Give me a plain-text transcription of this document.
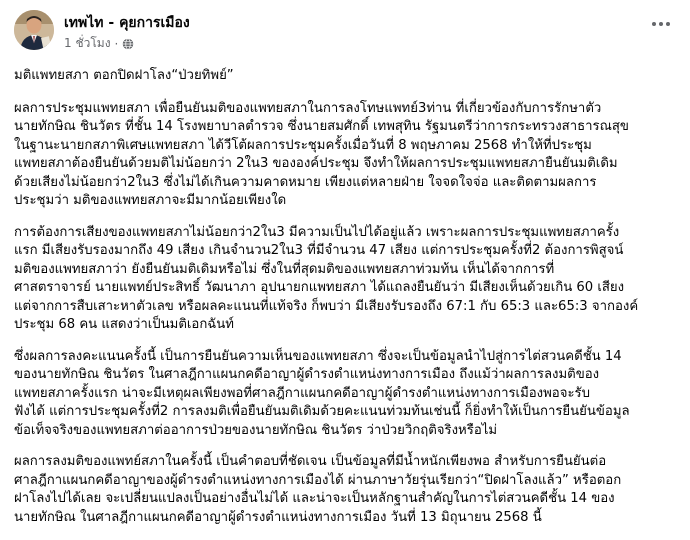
เทพไท - คุยการเมือง
1 ชั่วโมง ·

มติแพทยสภา ตอกปิดฝาโลง“ป่วยทิพย์”

ผลการประชุมแพทยสภา เพื่อยืนยันมติของแพทยสภาในการลงโทษแพทย์3ท่าน ที่เกี่ยวข้องกับการรักษาตัว
นายทักษิณ ชินวัตร ที่ชั้น 14 โรงพยาบาลตำรวจ ซึ่งนายสมศักดิ์ เทพสุทิน รัฐมนตรีว่าการกระทรวงสาธารณสุข
ในฐานะนายกสภาพิเศษแพทยสภา ได้วีโต้ผลการประชุมครั้งเมื่อวันที่ 8 พฤษภาคม 2568 ทำให้ที่ประชุม
แพทยสภาต้องยืนยันด้วยมติไม่น้อยกว่า 2ใน3 ขององค์ประชุม จึงทำให้ผลการประชุมแพทยสภายืนยันมติเดิม
ด้วยเสียงไม่น้อยกว่า2ใน3 ซึ่งไม่ได้เกินความคาดหมาย เพียงแต่หลายฝ่าย ใจจดใจจ่อ และติดตามผลการ
ประชุมว่า มติของแพทยสภาจะมีมากน้อยเพียงใด

การต้องการเสียงของแพทยสภาไม่น้อยกว่า2ใน3 มีความเป็นไปได้อยู่แล้ว เพราะผลการประชุมแพทยสภาครั้ง
แรก มีเสียงรับรองมากถึง 49 เสียง เกินจำนวน2ใน3 ที่มีจำนวน 47 เสียง แต่การประชุมครั้งที่2 ต้องการพิสูจน์
มติของแพทยสภาว่า ยังยืนยันมติเดิมหรือไม่ ซึ่งในที่สุดมติของแพทยสภาท่วมท้น เห็นได้จากการที่
ศาสตราจารย์ นายแพทย์ประสิทธิ์ วัฒนาภา อุปนายกแพทยสภา ได้แถลงยืนยันว่า มีเสียงเห็นด้วยเกิน 60 เสียง
แต่จากการสืบเสาะหาตัวเลข หรือผลคะแนนที่แท้จริง ก็พบว่า มีเสียงรับรองถึง 67:1 กับ 65:3 และ65:3 จากองค์
ประชุม 68 คน แสดงว่าเป็นมติเอกฉันท์

ซึ่งผลการลงคะแนนครั้งนี้ เป็นการยืนยันความเห็นของแพทยสภา ซึ่งจะเป็นข้อมูลนำไปสู่การไต่สวนคดีชั้น 14
ของนายทักษิณ ชินวัตร ในศาลฎีกาแผนกคดีอาญาผู้ดำรงตำแหน่งทางการเมือง ถึงแม้ว่าผลการลงมติของ
แพทยสภาครั้งแรก น่าจะมีเหตุผลเพียงพอที่ศาลฎีกาแผนกคดีอาญาผู้ดำรงตำแหน่งทางการเมืองพอจะรับ
ฟังได้ แต่การประชุมครั้งที่2 การลงมติเพื่อยืนยันมติเดิมด้วยคะแนนท่วมท้นเช่นนี้ ก็ยิ่งทำให้เป็นการยืนยันข้อมูล
ข้อเท็จจริงของแพทยสภาต่ออาการป่วยของนายทักษิณ ชินวัตร ว่าป่วยวิกฤติจริงหรือไม่

ผลการลงมติของแพทย์สภาในครั้งนี้ เป็นคำตอบที่ชัดเจน เป็นข้อมูลที่มีน้ำหนักเพียงพอ สำหรับการยืนยันต่อ
ศาลฎีกาแผนกคดีอาญาของผู้ดำรงตำแหน่งทางการเมืองได้ ผ่านภาษาวัยรุ่นเรียกว่า“ปิดฝาโลงแล้ว” หรือตอก
ฝาโลงไปได้เลย จะเปลี่ยนแปลงเป็นอย่างอื่นไม่ได้ และน่าจะเป็นหลักฐานสำคัญในการไต่สวนคดีชั้น 14 ของ
นายทักษิณ ในศาลฎีกาแผนกคดีอาญาผู้ดำรงตำแหน่งทางการเมือง วันที่ 13 มิถุนายน 2568 นี้
